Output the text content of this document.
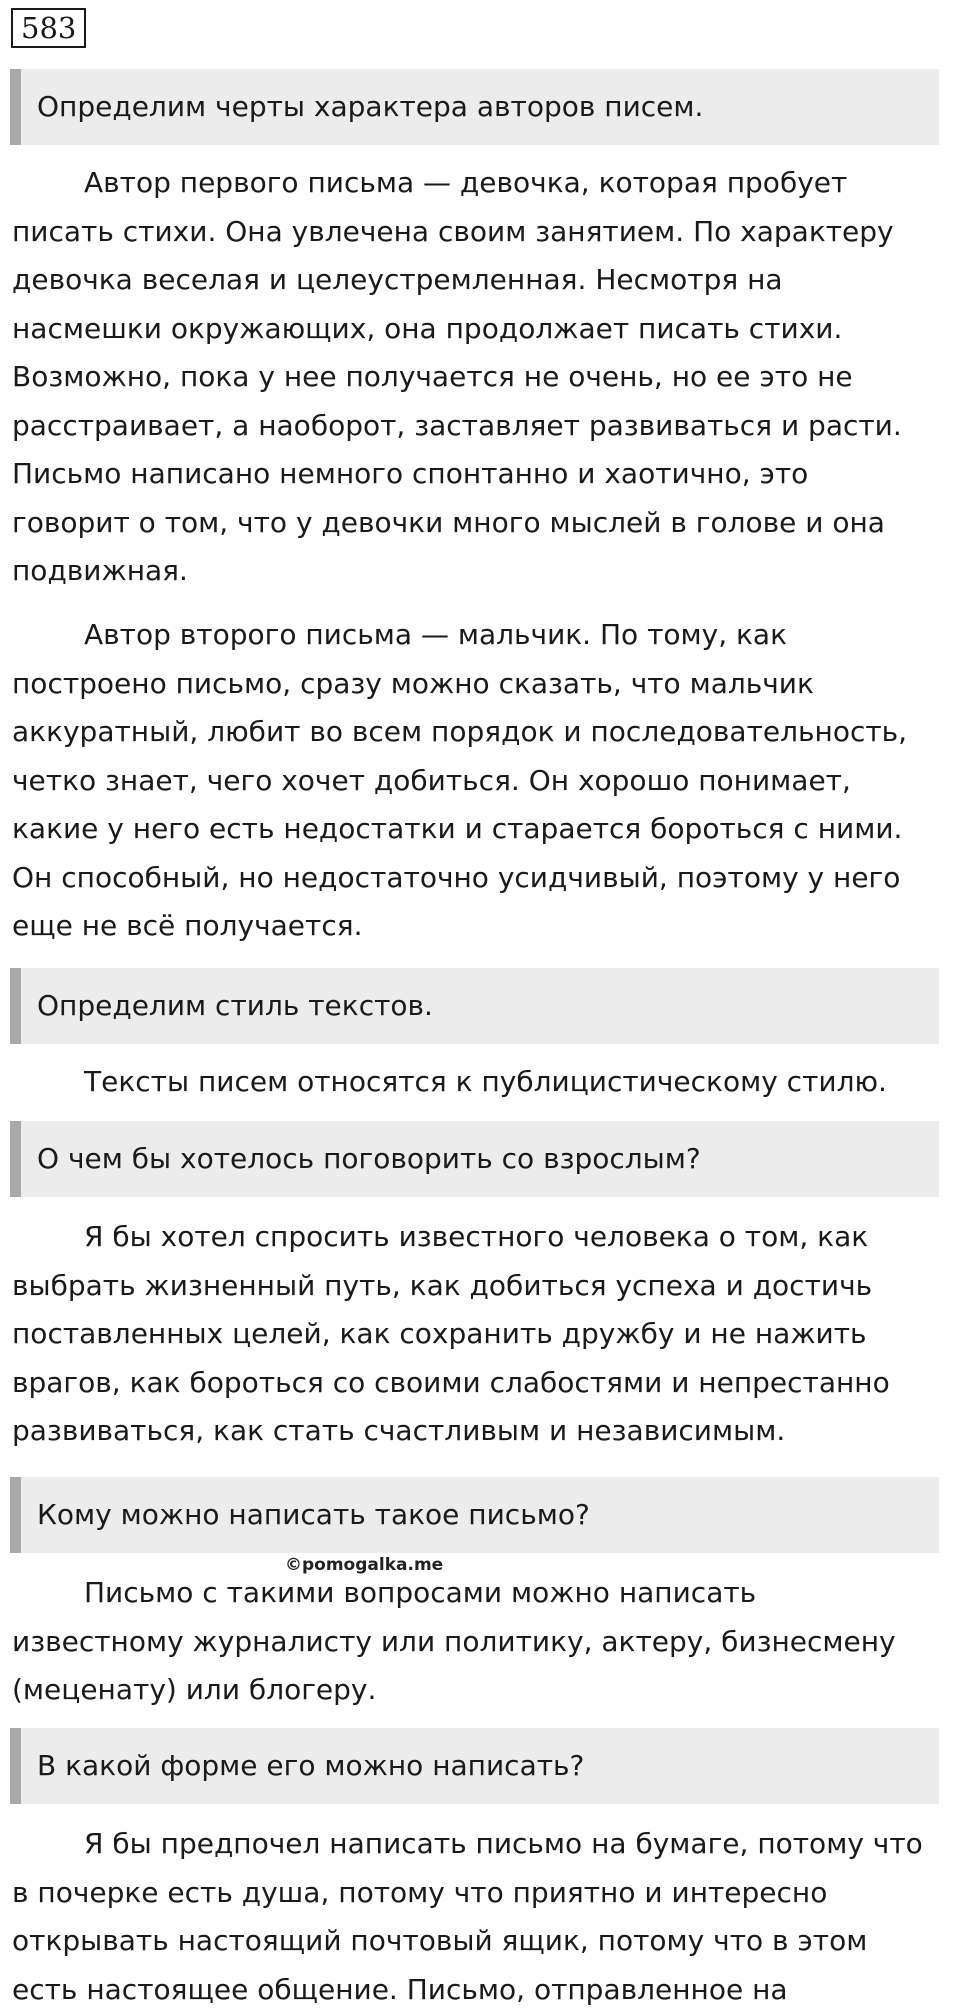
583
Определим черты характера авторов писем.
Автор первого письма — девочка, которая пробует
писать стихи. Она увлечена своим занятием. По характеру
девочка веселая и целеустремленная. Несмотря на
насмешки окружающих, она продолжает писать стихи.
Возможно, пока у нее получается не очень, но ее это не
расстраивает, а наоборот, заставляет развиваться и расти.
Письмо написано немного спонтанно и хаотично, это
говорит о том, что у девочки много мыслей в голове и она
подвижная.
Автор второго письма — мальчик. По тому, как
построено письмо, сразу можно сказать, что мальчик
аккуратный, любит во всем порядок и последовательность,
четко знает, чего хочет добиться. Он хорошо понимает,
какие у него есть недостатки и старается бороться с ними.
Он способный, но недостаточно усидчивый, поэтому у него
еще не всё получается.
Определим стиль текстов.
Тексты писем относятся к публицистическому стилю.
О чем бы хотелось поговорить со взрослым?
Я бы хотел спросить известного человека о том, как
выбрать жизненный путь, как добиться успеха и достичь
поставленных целей, как сохранить дружбу и не нажить
врагов, как бороться со своими слабостями и непрестанно
развиваться, как стать счастливым и независимым.
Кому можно написать такое письмо?
©pomogalka.me
Письмо с такими вопросами можно написать
известному журналисту или политику, актеру, бизнесмену
(меценату) или блогеру.
В какой форме его можно написать?
Я бы предпочел написать письмо на бумаге, потому что
в почерке есть душа, потому что приятно и интересно
открывать настоящий почтовый ящик, потому что в этом
есть настоящее общение. Письмо, отправленное на
